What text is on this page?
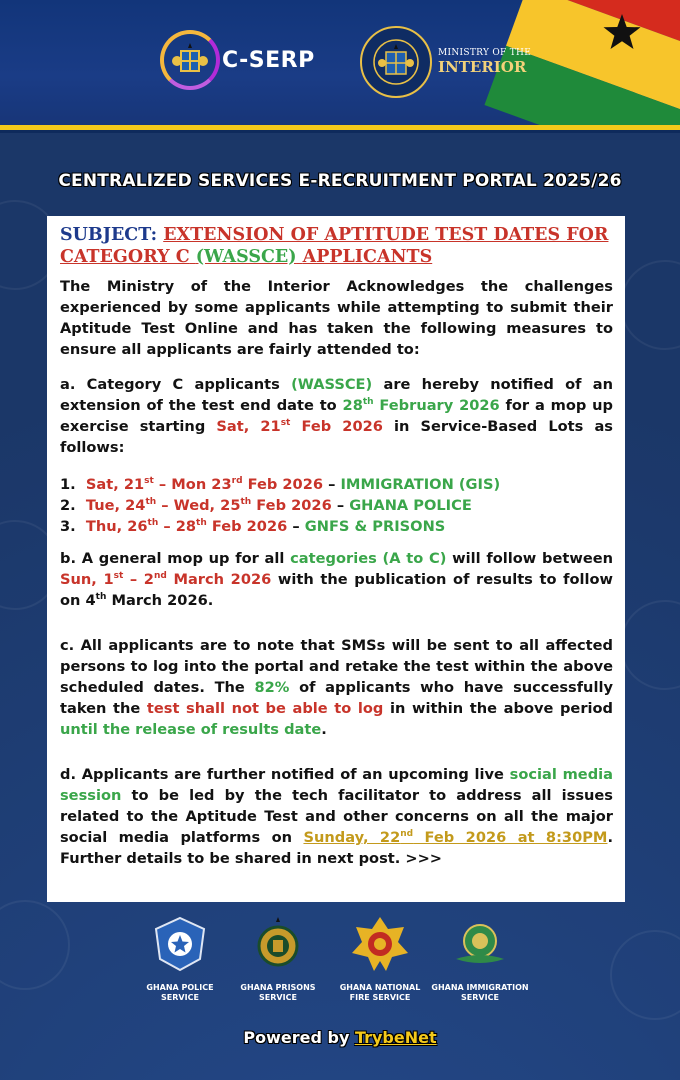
C-SERP	MINISTRY OF THE
INTERIOR
CENTRALIZED SERVICES E-RECRUITMENT PORTAL 2025/26
SUBJECT: EXTENSION OF APTITUDE TEST DATES FOR CATEGORY C (WASSCE) APPLICANTS
The Ministry of the Interior Acknowledges the challenges experienced by some applicants while attempting to submit their Aptitude Test Online and has taken the following measures to ensure all applicants are fairly attended to:
a. Category C applicants (WASSCE) are hereby notified of an extension of the test end date to 28th February 2026 for a mop up exercise starting Sat, 21st Feb 2026 in Service-Based Lots as follows:
1. Sat, 21st – Mon 23rd Feb 2026 – IMMIGRATION (GIS)
2. Tue, 24th – Wed, 25th Feb 2026 – GHANA POLICE
3. Thu, 26th – 28th Feb 2026 – GNFS & PRISONS
b. A general mop up for all categories (A to C) will follow between Sun, 1st – 2nd March 2026 with the publication of results to follow on 4th March 2026.
c. All applicants are to note that SMSs will be sent to all affected persons to log into the portal and retake the test within the above scheduled dates. The 82% of applicants who have successfully taken the test shall not be able to log in within the above period until the release of results date.
d. Applicants are further notified of an upcoming live social media session to be led by the tech facilitator to address all issues related to the Aptitude Test and other concerns on all the major social media platforms on Sunday, 22nd Feb 2026 at 8:30PM. Further details to be shared in next post. >>>
GHANA POLICE
SERVICE
GHANA PRISONS
SERVICE
GHANA NATIONAL
FIRE SERVICE
GHANA IMMIGRATION
SERVICE
Powered by TrybeNet
